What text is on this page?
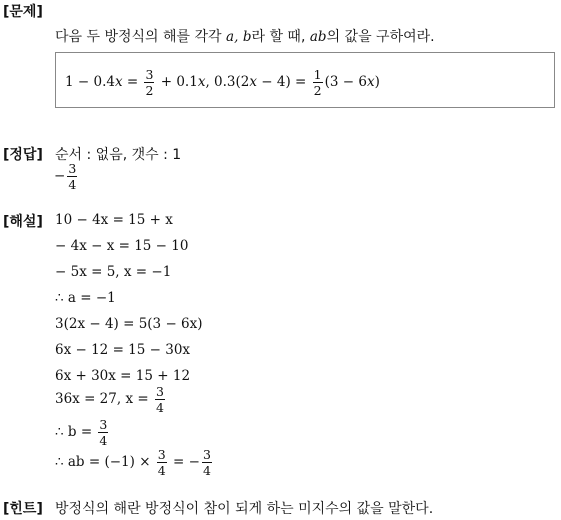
[문제]
다음 두 방정식의 해를 각각 a, b라 할 때, ab의 값을 구하여라.
$1 - 0.4x = \frac{3}{2} + 0.1x$, $0.3(2x - 4) = \frac{1}{2} (3 - 6x)$
[정답] 순서 : 없음, 갯수 : 1
− $\frac{3}{4}$
[해설] 10 − 4x = 15 + x
− 4x − x = 15 − 10
− 5x = 5, x = −1
∴ a = −1
3(2x − 4) = 5(3 − 6x)
6x − 12 = 15 − 30x
6x + 30x = 15 + 12
36x = 27, $x = \frac{3}{4}$
∴ $b = \frac{3}{4}$
∴ ab = $(-1) \times \frac{3}{4}$ = − $\frac{3}{4}$
[힌트] 방정식의 해란 방정식이 참이 되게 하는 미지수의 값을 말한다.
